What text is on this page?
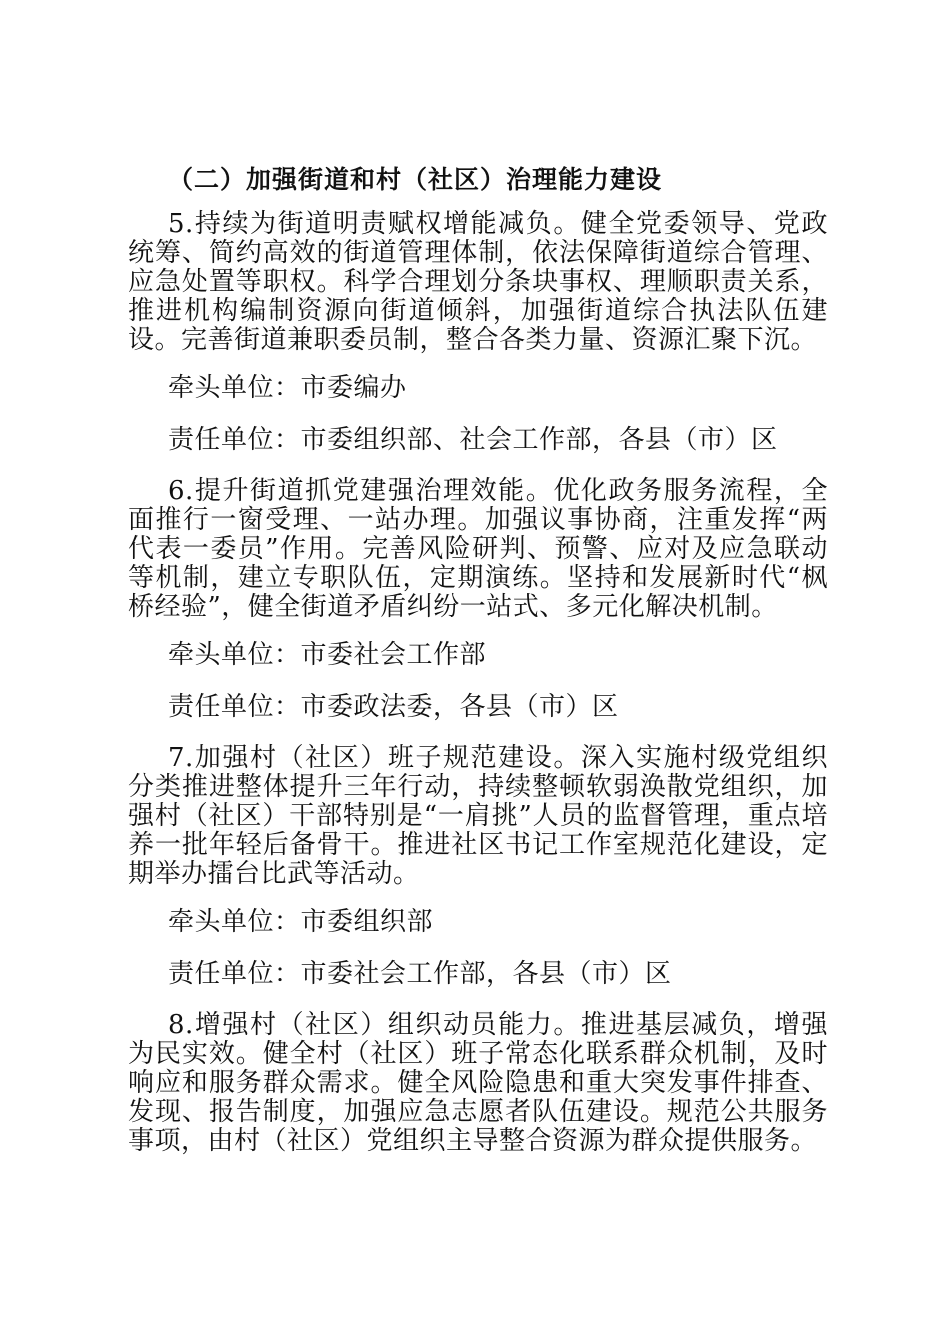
（二）加强街道和村（社区）治理能力建设

5.持续为街道明责赋权增能减负。健全党委领导、党政统筹、简约高效的街道管理体制，依法保障街道综合管理、应急处置等职权。科学合理划分条块事权、理顺职责关系，推进机构编制资源向街道倾斜，加强街道综合执法队伍建设。完善街道兼职委员制，整合各类力量、资源汇聚下沉。

牵头单位：市委编办

责任单位：市委组织部、社会工作部，各县（市）区

6.提升街道抓党建强治理效能。优化政务服务流程，全面推行一窗受理、一站办理。加强议事协商，注重发挥“两代表一委员”作用。完善风险研判、预警、应对及应急联动等机制，建立专职队伍，定期演练。坚持和发展新时代“枫桥经验”，健全街道矛盾纠纷一站式、多元化解决机制。

牵头单位：市委社会工作部

责任单位：市委政法委，各县（市）区

7.加强村（社区）班子规范建设。深入实施村级党组织分类推进整体提升三年行动，持续整顿软弱涣散党组织，加强村（社区）干部特别是“一肩挑”人员的监督管理，重点培养一批年轻后备骨干。推进社区书记工作室规范化建设，定期举办擂台比武等活动。

牵头单位：市委组织部

责任单位：市委社会工作部，各县（市）区

8.增强村（社区）组织动员能力。推进基层减负，增强为民实效。健全村（社区）班子常态化联系群众机制，及时响应和服务群众需求。健全风险隐患和重大突发事件排查、发现、报告制度，加强应急志愿者队伍建设。规范公共服务事项，由村（社区）党组织主导整合资源为群众提供服务。
